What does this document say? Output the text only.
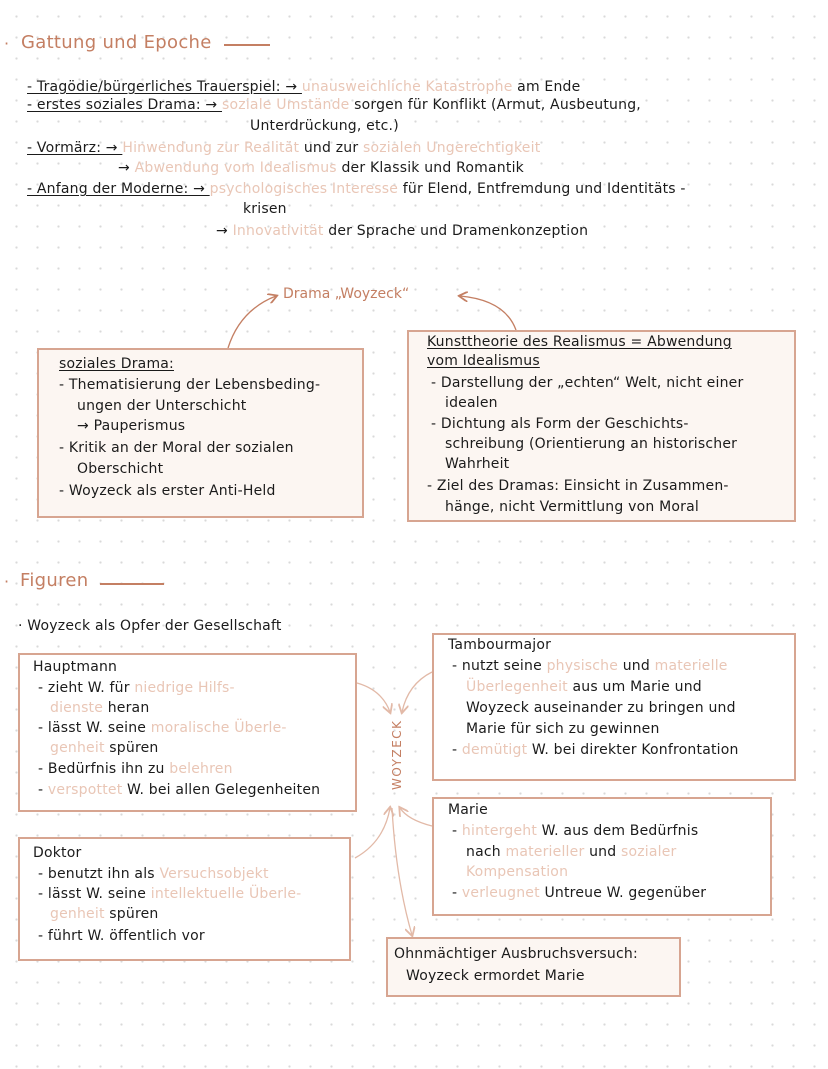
· Gattung und Epoche
- Tragödie/bürgerliches Trauerspiel: → unausweichliche Katastrophe am Ende
- erstes soziales Drama: → soziale Umstände sorgen für Konflikt (Armut, Ausbeutung,
Unterdrückung, etc.)
- Vormärz: → Hinwendung zur Realität und zur sozialen Ungerechtigkeit
→ Abwendung vom Idealismus der Klassik und Romantik
- Anfang der Moderne: → psychologisches Interesse für Elend, Entfremdung und Identitäts -
krisen
→ Innovativität der Sprache und Dramenkonzeption
Drama „Woyzeck“
soziales Drama:
- Thematisierung der Lebensbeding-
ungen der Unterschicht
→ Pauperismus
- Kritik an der Moral der sozialen
Oberschicht
- Woyzeck als erster Anti-Held
Kunsttheorie des Realismus = Abwendung
vom Idealismus
- Darstellung der „echten“ Welt, nicht einer
idealen
- Dichtung als Form der Geschichts-
schreibung (Orientierung an historischer
Wahrheit
- Ziel des Dramas: Einsicht in Zusammen-
hänge, nicht Vermittlung von Moral
· Figuren
· Woyzeck als Opfer der Gesellschaft
Hauptmann
- zieht W. für niedrige Hilfs-
dienste heran
- lässt W. seine moralische Überle-
genheit spüren
- Bedürfnis ihn zu belehren
- verspottet W. bei allen Gelegenheiten
Doktor
- benutzt ihn als Versuchsobjekt
- lässt W. seine intellektuelle Überle-
genheit spüren
- führt W. öffentlich vor
WOYZECK
Tambourmajor
- nutzt seine physische und materielle
Überlegenheit aus um Marie und
Woyzeck auseinander zu bringen und
Marie für sich zu gewinnen
- demütigt W. bei direkter Konfrontation
Marie
- hintergeht W. aus dem Bedürfnis
nach materieller und sozialer
Kompensation
- verleugnet Untreue W. gegenüber
Ohnmächtiger Ausbruchsversuch:
Woyzeck ermordet Marie
